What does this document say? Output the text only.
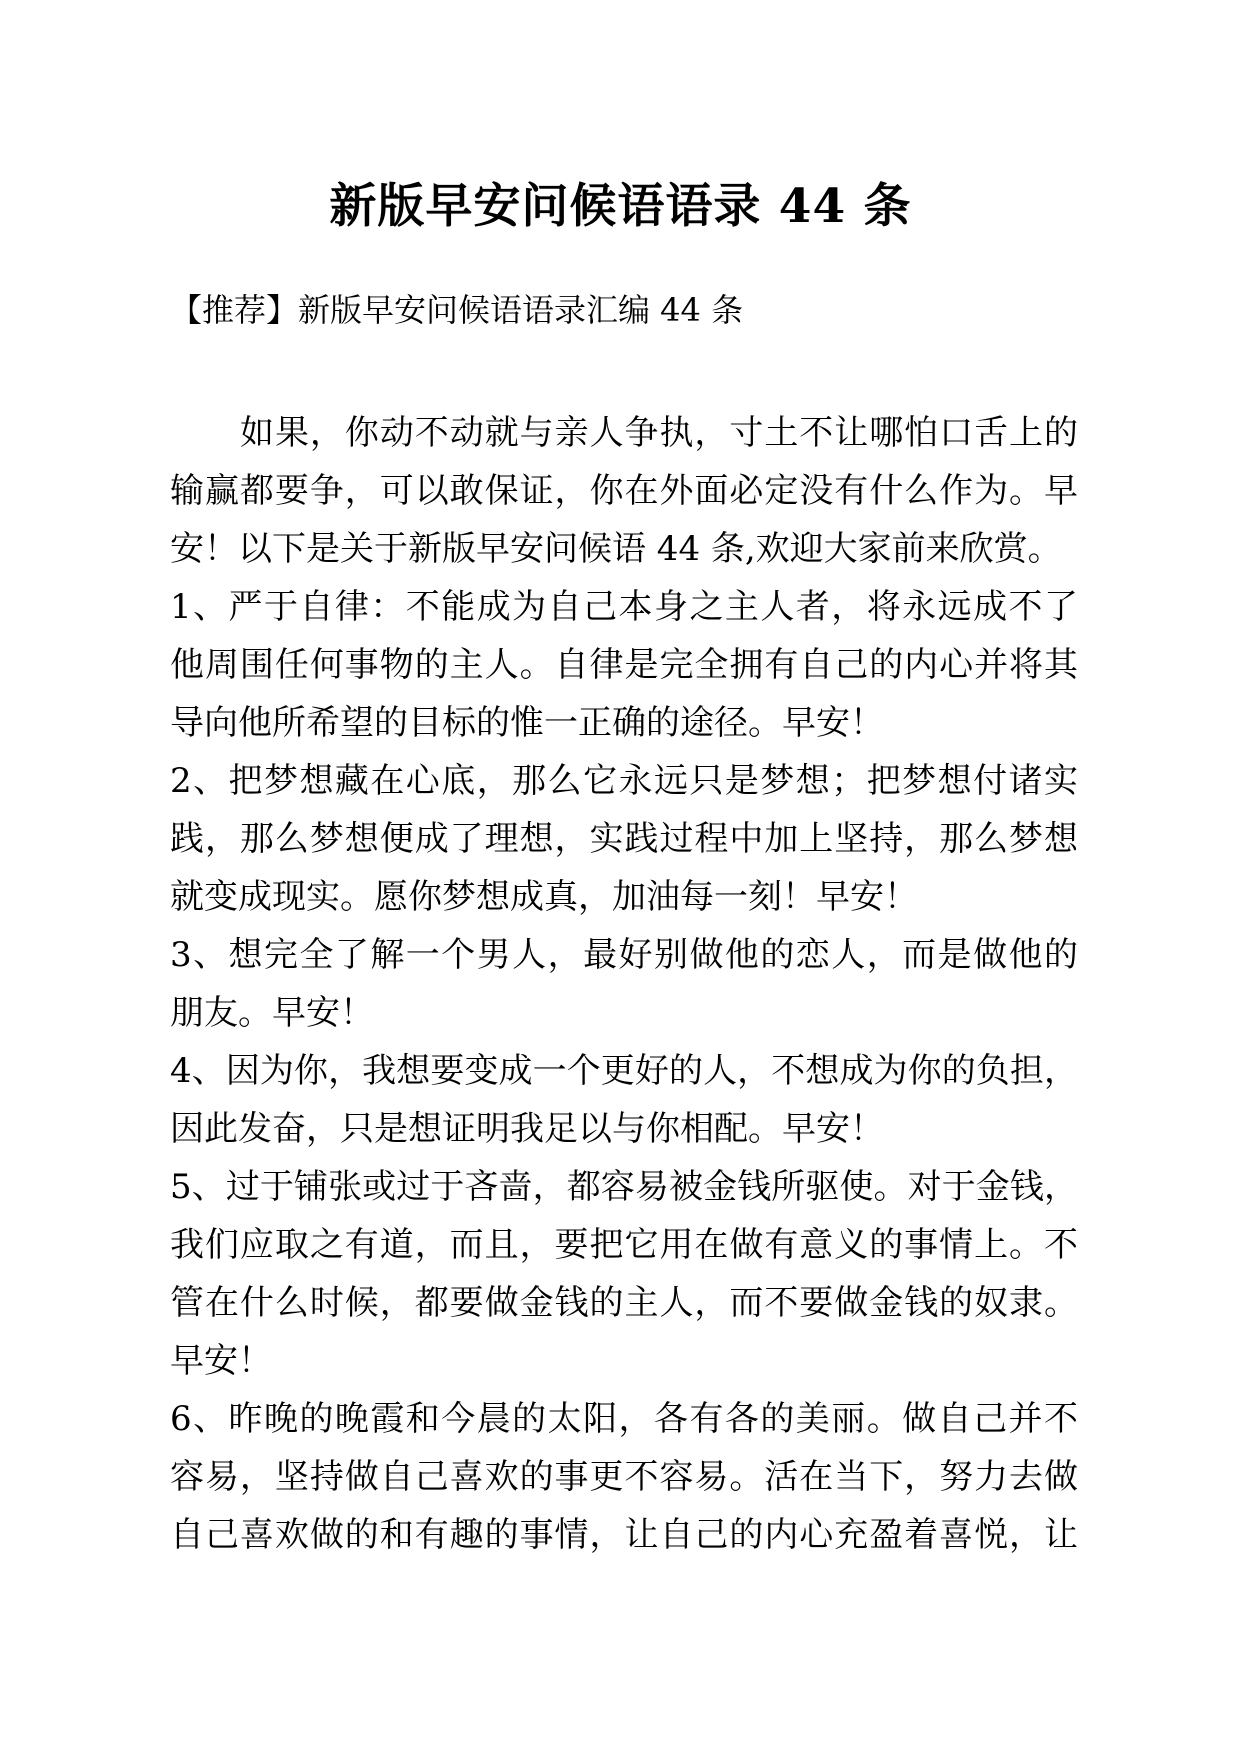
新版早安问候语语录 44 条
【推荐】新版早安问候语语录汇编 44 条
如果，你动不动就与亲人争执，寸土不让哪怕口舌上的
输赢都要争，可以敢保证，你在外面必定没有什么作为。早
安！以下是关于新版早安问候语 44 条,欢迎大家前来欣赏。
1、严于自律：不能成为自己本身之主人者，将永远成不了
他周围任何事物的主人。自律是完全拥有自己的内心并将其
导向他所希望的目标的惟一正确的途径。早安！
2、把梦想藏在心底，那么它永远只是梦想；把梦想付诸实
践，那么梦想便成了理想，实践过程中加上坚持，那么梦想
就变成现实。愿你梦想成真，加油每一刻！早安！
3、想完全了解一个男人，最好别做他的恋人，而是做他的
朋友。早安！
4、因为你，我想要变成一个更好的人，不想成为你的负担，
因此发奋，只是想证明我足以与你相配。早安！
5、过于铺张或过于吝啬，都容易被金钱所驱使。对于金钱，
我们应取之有道，而且，要把它用在做有意义的事情上。不
管在什么时候，都要做金钱的主人，而不要做金钱的奴隶。
早安！
6、昨晚的晚霞和今晨的太阳，各有各的美丽。做自己并不
容易，坚持做自己喜欢的事更不容易。活在当下，努力去做
自己喜欢做的和有趣的事情，让自己的内心充盈着喜悦，让
